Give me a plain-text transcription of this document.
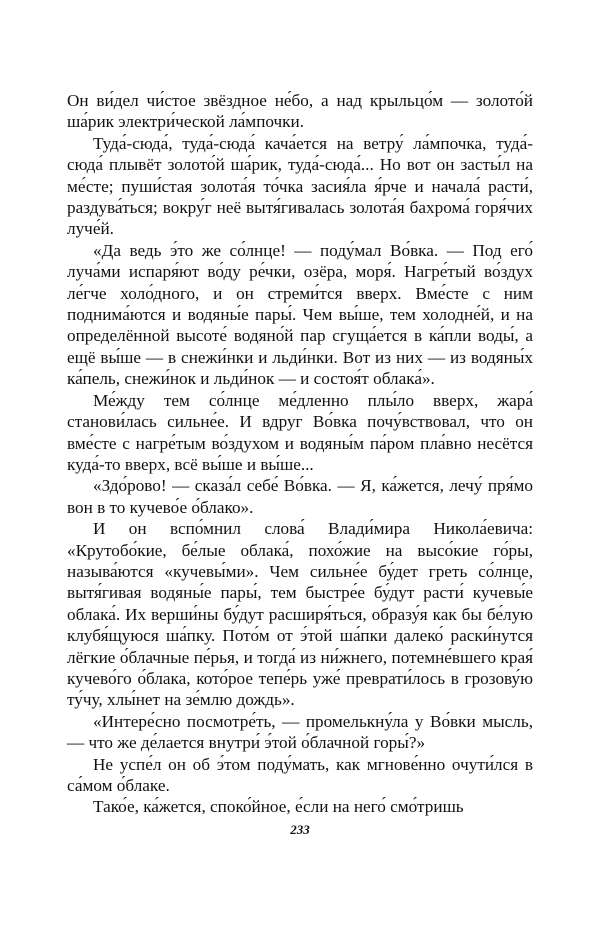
Он ви́дел чи́стое звёздное не́бо, а над крыльцо́м — золото́й ша́рик электри́ческой ла́мпочки.

Туда́-сюда́, туда́-сюда́ кача́ется на ветру́ ла́мпочка, туда́-сюда́ плывёт золото́й ша́рик, туда́-сюда́... Но вот он засты́л на ме́сте; пуши́стая золота́я то́чка засия́ла я́рче и начала́ расти́, раздува́ться; вокру́г неё вытя́гивалась золота́я бахрома́ горя́чих луче́й.

«Да ведь э́то же со́лнце! — поду́мал Во́вка. — Под его́ луча́ми испаря́ют во́ду ре́чки, озёра, моря́. Нагре́тый во́здух ле́гче холо́дного, и он стреми́тся вверх. Вме́сте с ним поднима́ются и водяны́е пары́. Чем вы́ше, тем холодне́й, и на определённой высоте́ водяно́й пар сгуща́ется в ка́пли воды́, а ещё вы́ше — в снежи́нки и льди́нки. Вот из них — из водяны́х ка́пель, снежи́нок и льди́нок — и состоя́т облака́».

Ме́жду тем со́лнце ме́дленно плы́ло вверх, жара́ станови́лась сильне́е. И вдруг Во́вка почу́вствовал, что он вме́сте с нагре́тым во́здухом и водяны́м па́ром пла́вно несётся куда́-то вверх, всё вы́ше и вы́ше...

«Здо́рово! — сказа́л себе́ Во́вка. — Я, ка́жется, лечу́ пря́мо вон в то кучево́е о́блако».

И он вспо́мнил слова́ Влади́мира Никола́евича: «Крутобо́кие, бе́лые облака́, похо́жие на высо́кие го́ры, называ́ются «кучевы́ми». Чем сильне́е бу́дет греть со́лнце, вытя́гивая водяны́е пары́, тем быстре́е бу́дут расти́ кучевы́е облака́. Их верши́ны бу́дут расширя́ться, образу́я как бы бе́лую клубя́щуюся ша́пку. Пото́м от э́той ша́пки далеко́ раски́нутся лёгкие о́блачные пе́рья, и тогда́ из ни́жнего, потемне́вшего края́ кучево́го о́блака, кото́рое тепе́рь уже́ преврати́лось в грозову́ю ту́чу, хлы́нет на зе́млю дождь».

«Интере́сно посмотре́ть, — промелькну́ла у Во́вки мысль, — что же де́лается внутри́ э́той о́блачной горы́?»

Не успе́л он об э́том поду́мать, как мгнове́нно очути́лся в са́мом о́блаке.

Тако́е, ка́жется, споко́йное, е́сли на него́ смо́тришь

233
